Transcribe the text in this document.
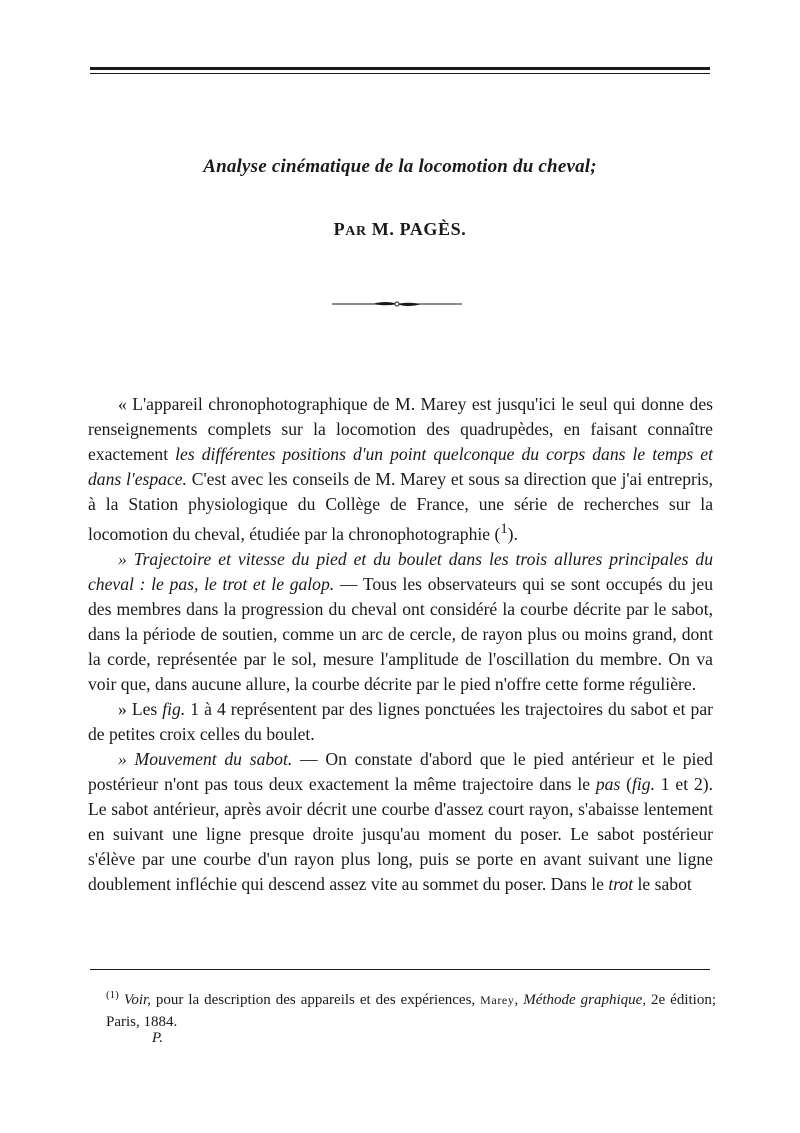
Analyse cinématique de la locomotion du cheval;
PAR M. PAGÈS.

« L'appareil chronophotographique de M. Marey est jusqu'ici le seul qui donne des renseignements complets sur la locomotion des quadrupèdes, en faisant connaître exactement les différentes positions d'un point quelconque du corps dans le temps et dans l'espace. C'est avec les conseils de M. Marey et sous sa direction que j'ai entrepris, à la Station physiologique du Collège de France, une série de recherches sur la locomotion du cheval, étudiée par la chronophotographie ($^1$).

» Trajectoire et vitesse du pied et du boulet dans les trois allures principales du cheval : le pas, le trot et le galop. — Tous les observateurs qui se sont occupés du jeu des membres dans la progression du cheval ont considéré la courbe décrite par le sabot, dans la période de soutien, comme un arc de cercle, de rayon plus ou moins grand, dont la corde, représentée par le sol, mesure l'amplitude de l'oscillation du membre. On va voir que, dans aucune allure, la courbe décrite par le pied n'offre cette forme régulière.

» Les fig. 1 à 4 représentent par des lignes ponctuées les trajectoires du sabot et par de petites croix celles du boulet.

» Mouvement du sabot. — On constate d'abord que le pied antérieur et le pied postérieur n'ont pas tous deux exactement la même trajectoire dans le pas (fig. 1 et 2). Le sabot antérieur, après avoir décrit une courbe d'assez court rayon, s'abaisse lentement en suivant une ligne presque droite jusqu'au moment du poser. Le sabot postérieur s'élève par une courbe d'un rayon plus long, puis se porte en avant suivant une ligne doublement infléchie qui descend assez vite au sommet du poser. Dans le trot le sabot

$^{(1)}$ Voir, pour la description des appareils et des expériences, Marey, Méthode graphique, 2e édition; Paris, 1884.

P.
